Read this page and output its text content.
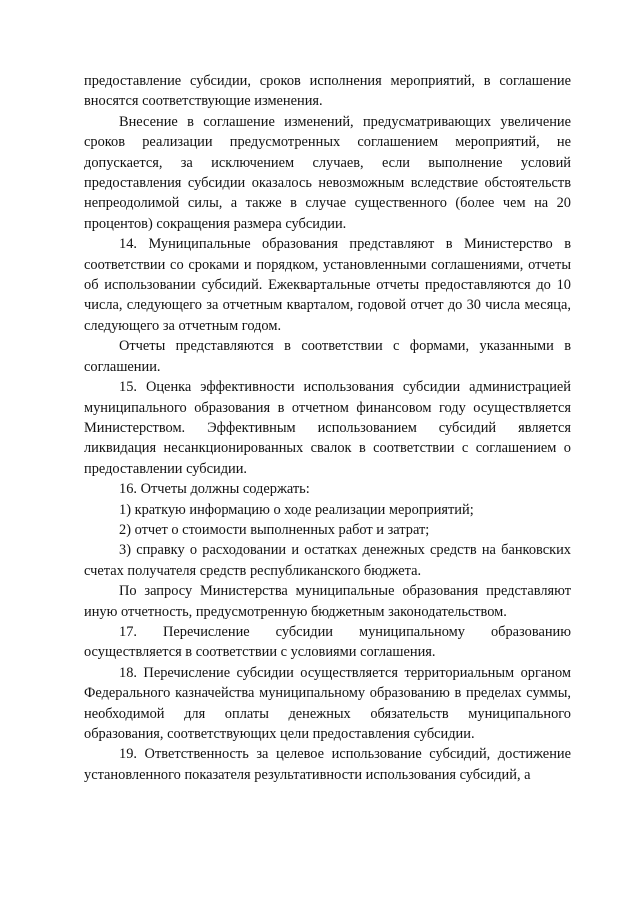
предоставление субсидии, сроков исполнения мероприятий, в соглашение вносятся соответствующие изменения.

Внесение в соглашение изменений, предусматривающих увеличение сроков реализации предусмотренных соглашением мероприятий, не допускается, за исключением случаев, если выполнение условий предоставления субсидии оказалось невозможным вследствие обстоятельств непреодолимой силы, а также в случае существенного (более чем на 20 процентов) сокращения размера субсидии.

14. Муниципальные образования представляют в Министерство в соответствии со сроками и порядком, установленными соглашениями, отчеты об использовании субсидий. Ежеквартальные отчеты предоставляются до 10 числа, следующего за отчетным кварталом, годовой отчет до 30 числа месяца, следующего за отчетным годом.

Отчеты представляются в соответствии с формами, указанными в соглашении.

15. Оценка эффективности использования субсидии администрацией муниципального образования в отчетном финансовом году осуществляется Министерством. Эффективным использованием субсидий является ликвидация несанкционированных свалок в соответствии с соглашением о предоставлении субсидии.

16. Отчеты должны содержать:

1) краткую информацию о ходе реализации мероприятий;

2) отчет о стоимости выполненных работ и затрат;

3) справку о расходовании и остатках денежных средств на банковских счетах получателя средств республиканского бюджета.

По запросу Министерства муниципальные образования представляют иную отчетность, предусмотренную бюджетным законодательством.

17. Перечисление субсидии муниципальному образованию осуществляется в соответствии с условиями соглашения.

18. Перечисление субсидии осуществляется территориальным органом Федерального казначейства муниципальному образованию в пределах суммы, необходимой для оплаты денежных обязательств муниципального образования, соответствующих цели предоставления субсидии.

19. Ответственность за целевое использование субсидий, достижение установленного показателя результативности использования субсидий, а
